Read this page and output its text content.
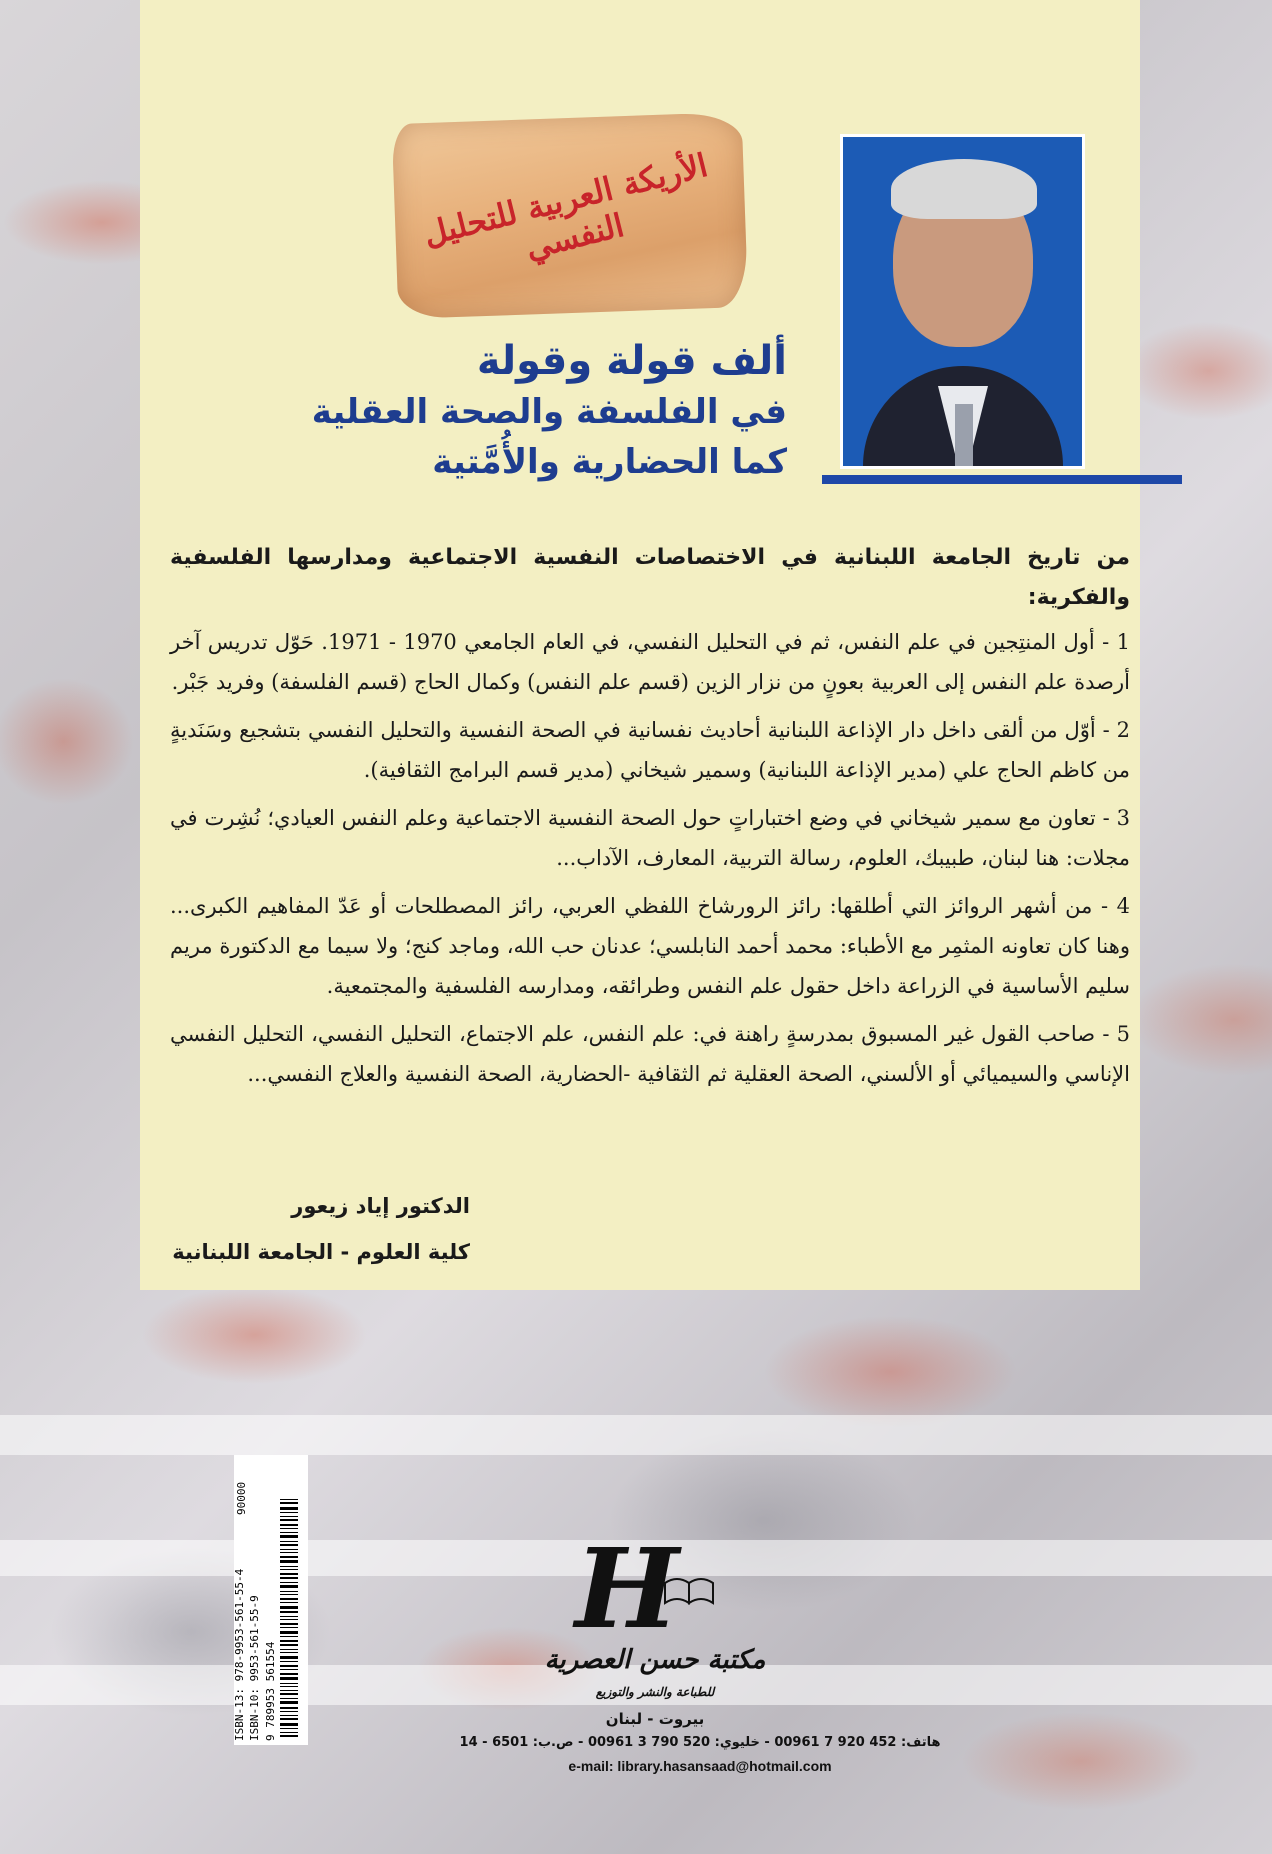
الأريكة العربية للتحليل النفسي
ألف قولة وقولة
في الفلسفة والصحة العقلية
كما الحضارية والأُمَّتية
من تاريخ الجامعة اللبنانية في الاختصاصات النفسية الاجتماعية ومدارسها الفلسفية والفكرية:
1 - أول المنتِجين في علم النفس، ثم في التحليل النفسي، في العام الجامعي 1970 - 1971. حَوّل تدريس آخر أرصدة علم النفس إلى العربية بعونٍ من نزار الزين (قسم علم النفس) وكمال الحاج (قسم الفلسفة) وفريد جَبْر.
2 - أوّل من ألقى داخل دار الإذاعة اللبنانية أحاديث نفسانية في الصحة النفسية والتحليل النفسي بتشجيع وسَنَديةٍ من كاظم الحاج علي (مدير الإذاعة اللبنانية) وسمير شيخاني (مدير قسم البرامج الثقافية).
3 - تعاون مع سمير شيخاني في وضع اختباراتٍ حول الصحة النفسية الاجتماعية وعلم النفس العيادي؛ نُشِرت في مجلات: هنا لبنان، طبيبك، العلوم، رسالة التربية، المعارف، الآداب...
4 - من أشهر الروائز التي أطلقها: رائز الرورشاخ اللفظي العربي، رائز المصطلحات أو عَدّ المفاهيم الكبرى... وهنا كان تعاونه المثمِر مع الأطباء: محمد أحمد النابلسي؛ عدنان حب الله، وماجد كنج؛ ولا سيما مع الدكتورة مريم سليم الأساسية في الزراعة داخل حقول علم النفس وطرائقه، ومدارسه الفلسفية والمجتمعية.
5 - صاحب القول غير المسبوق بمدرسةٍ راهنة في: علم النفس، علم الاجتماع، التحليل النفسي، التحليل النفسي الإناسي والسيميائي أو الألسني، الصحة العقلية ثم الثقافية -الحضارية، الصحة النفسية والعلاج النفسي...
الدكتور إياد زيعور
كلية العلوم - الجامعة اللبنانية
ISBN-13: 978-9953-561-55-4 ISBN-10: 9953-561-55-9 9 789953 561554
90000
H
مكتبة حسن العصرية
للطباعة والنشر والتوزيع
بيروت - لبنان
هاتف: 452 920 7 00961 - خليوي: 520 790 3 00961 - ص.ب: 6501 - 14
e-mail: library.hasansaad@hotmail.com
